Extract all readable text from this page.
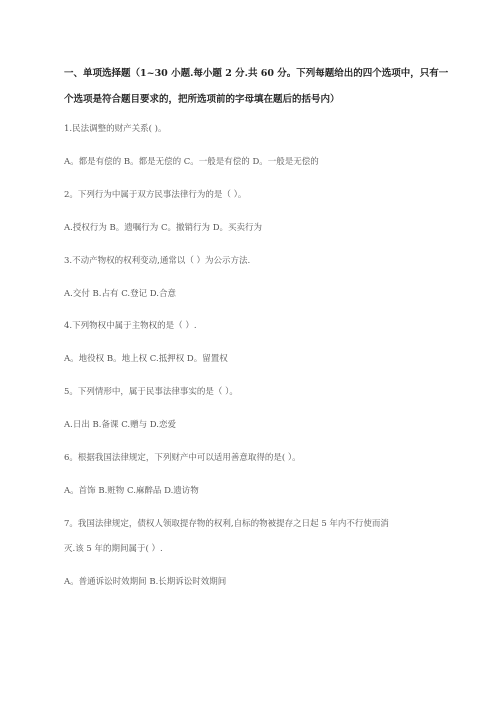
一、单项选择题（1~30 小题.每小题 2 分.共 60 分。下列每题给出的四个选项中，只有一
个选项是符合题目要求的，把所选项前的字母填在题后的括号内）
1.民法调整的财产关系( )。
A。都是有偿的 B。都是无偿的 C。一般是有偿的 D。一般是无偿的
2。下列行为中属于双方民事法律行为的是（ ）。
A.授权行为 B。遗嘱行为 C。撤销行为 D。买卖行为
3.不动产物权的权利变动,通常以（ ）为公示方法.
A.交付 B.占有 C.登记 D.合意
4.下列物权中属于主物权的是（ ）.
A。地役权 B。地上权 C.抵押权 D。留置权
5。下列情形中，属于民事法律事实的是（ ）。
A.日出 B.备课 C.赠与 D.恋爱
6。根据我国法律规定，下列财产中可以适用善意取得的是( ）。
A。首饰 B.赃物 C.麻醉品 D.遗访物
7。我国法律规定，债权人领取提存物的权利,自标的物被提存之日起 5 年内不行使而消
灭.该 5 年的期间属于( ）.
A。普通诉讼时效期间 B.长期诉讼时效期间
